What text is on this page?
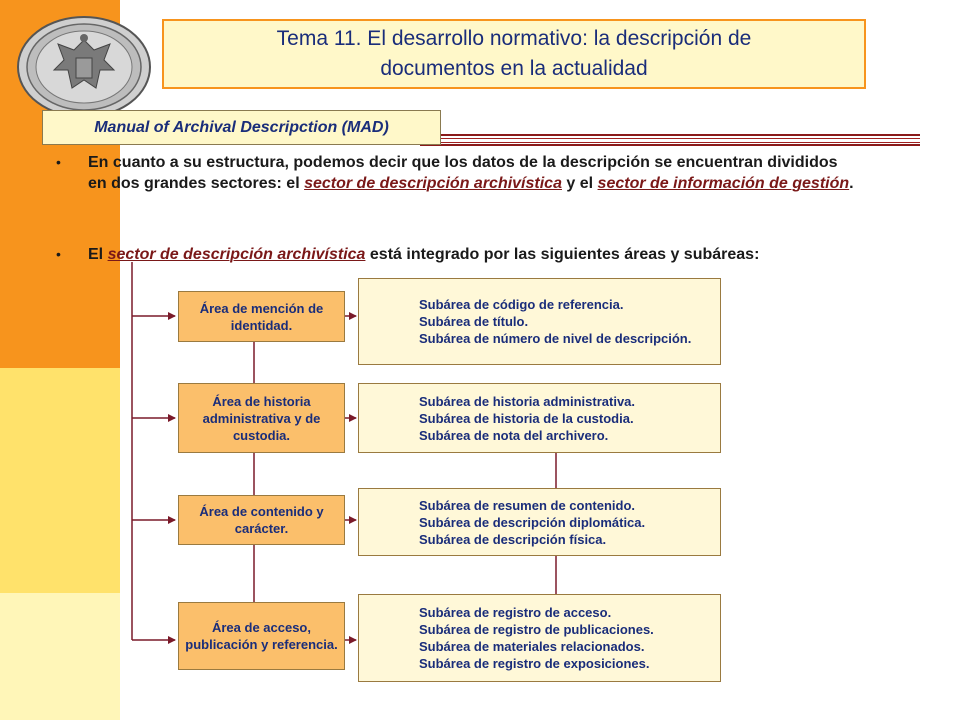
Tema 11. El desarrollo normativo: la descripción de documentos en la actualidad
Manual of Archival Descripction (MAD)
• En cuanto a su estructura, podemos decir que los datos de la descripción se encuentran divididos en dos grandes sectores: el sector de descripción archivística y el sector de información de gestión.
• El sector de descripción archivística está integrado por las siguientes áreas y subáreas:
Área de mención de identidad.
Área de historia administrativa y de custodia.
Área de contenido y carácter.
Área de acceso, publicación y referencia.
Subárea de código de referencia.
Subárea de título.
Subárea de número de nivel de descripción.
Subárea de historia administrativa.
Subárea de historia de la custodia.
Subárea de nota del archivero.
Subárea de resumen de contenido.
Subárea de descripción diplomática.
Subárea de descripción física.
Subárea de registro de acceso.
Subárea de registro de publicaciones.
Subárea de materiales relacionados.
Subárea de registro de exposiciones.
